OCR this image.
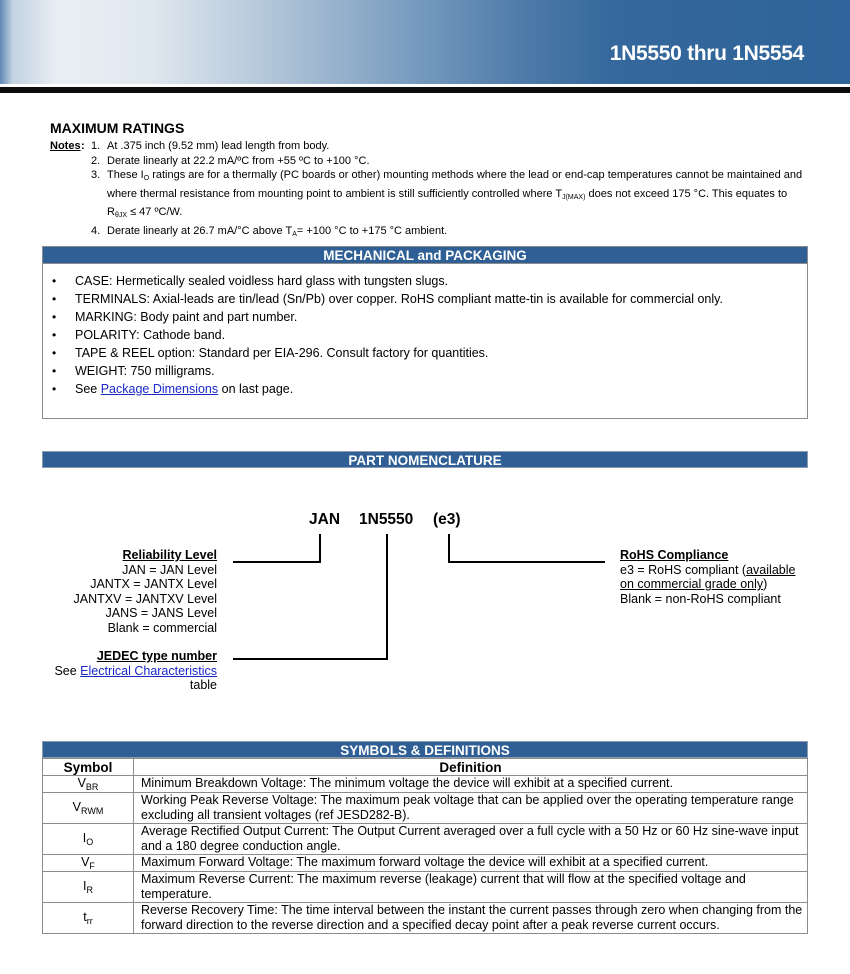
1N5550 thru 1N5554
MAXIMUM RATINGS
Notes : 1. At .375 inch (9.52 mm) lead length from body.
2. Derate linearly at 22.2 mA/ºC from +55 ºC to +100 °C.
3. These $I_O$ ratings are for a thermally (PC boards or other) mounting methods where the lead or end-cap temperatures cannot be maintained and where thermal resistance from mounting point to ambient is still sufficiently controlled where $T_{J(MAX)}$ does not exceed 175 °C. This equates to $R_{\theta JX} \le 47$ ºC/W.
4. Derate linearly at 26.7 mA/°C above $T_A= +100$ °C to +175 °C ambient.
MECHANICAL and PACKAGING
• CASE: Hermetically sealed voidless hard glass with tungsten slugs.
• TERMINALS: Axial-leads are tin/lead (Sn/Pb) over copper. RoHS compliant matte-tin is available for commercial only.
• MARKING: Body paint and part number.
• POLARITY: Cathode band.
• TAPE & REEL option: Standard per EIA-296. Consult factory for quantities.
• WEIGHT: 750 milligrams.
• See Package Dimensions on last page.
PART NOMENCLATURE
JAN 1N5550 (e3)
Reliability Level
JAN = JAN Level
JANTX = JANTX Level
JANTXV = JANTXV Level
JANS = JANS Level
Blank = commercial
JEDEC type number
See Electrical Characteristics
table
RoHS Compliance
e3 = RoHS compliant (available
on commercial grade only)
Blank = non-RoHS compliant
SYMBOLS & DEFINITIONS
Symbol	Definition
$V_{BR}$	Minimum Breakdown Voltage: The minimum voltage the device will exhibit at a specified current.
$V_{RWM}$	Working Peak Reverse Voltage: The maximum peak voltage that can be applied over the operating temperature range excluding all transient voltages (ref JESD282-B).
$I_O$	Average Rectified Output Current: The Output Current averaged over a full cycle with a 50 Hz or 60 Hz sine-wave input and a 180 degree conduction angle.
$V_F$	Maximum Forward Voltage: The maximum forward voltage the device will exhibit at a specified current.
$I_R$	Maximum Reverse Current: The maximum reverse (leakage) current that will flow at the specified voltage and temperature.
$t_{rr}$	Reverse Recovery Time: The time interval between the instant the current passes through zero when changing from the forward direction to the reverse direction and a specified decay point after a peak reverse current occurs.
